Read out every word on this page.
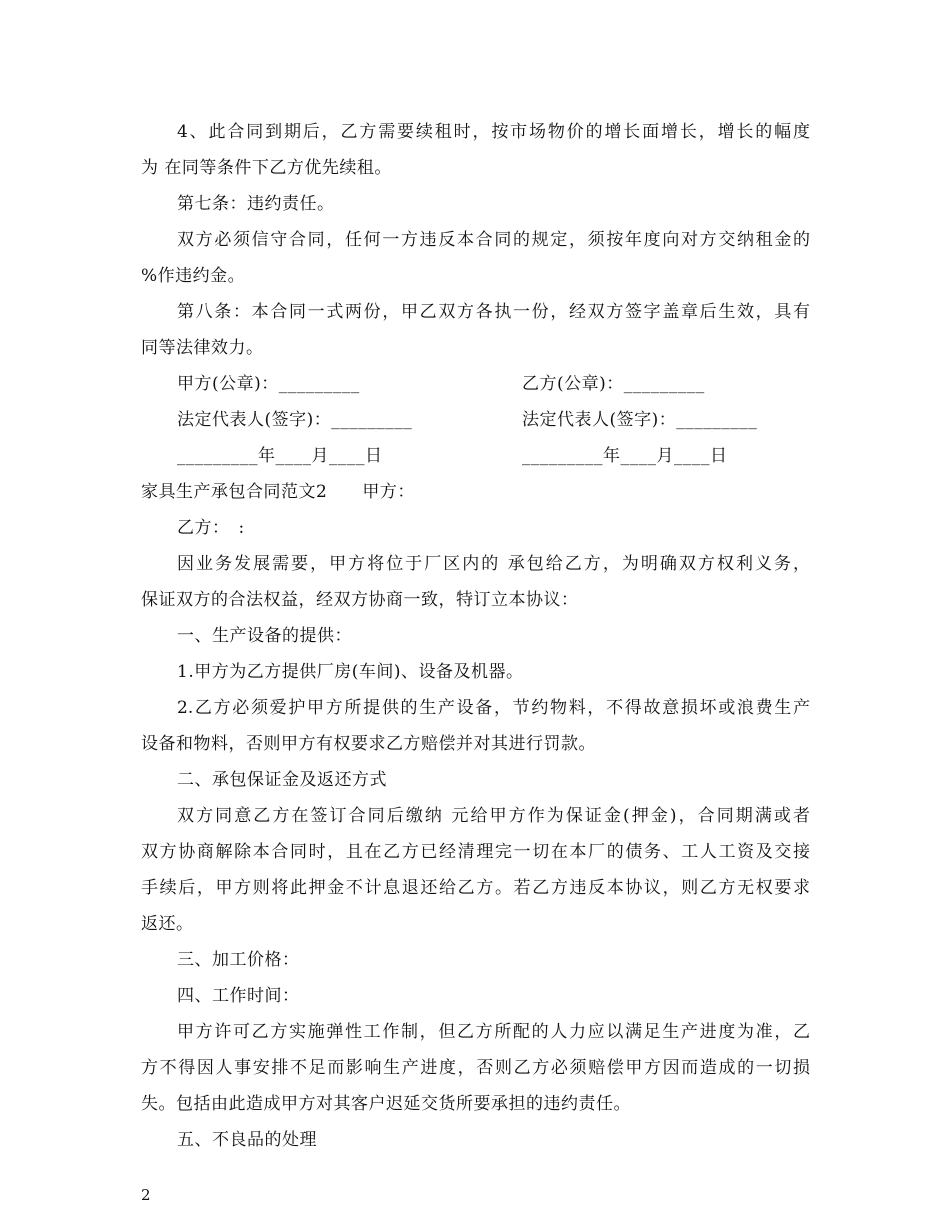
4、此合同到期后，乙方需要续租时，按市场物价的增长面增长，增长的幅度
为 在同等条件下乙方优先续租。
第七条：违约责任。
双方必须信守合同，任何一方违反本合同的规定，须按年度向对方交纳租金的
%作违约金。
第八条：本合同一式两份，甲乙双方各执一份，经双方签字盖章后生效，具有
同等法律效力。
甲方(公章)：_________	乙方(公章)：_________
法定代表人(签字)：_________	法定代表人(签字)：_________
_________年____月____日	_________年____月____日
家具生产承包合同范文2　　甲方：
乙方：　:
因业务发展需要，甲方将位于厂区内的 承包给乙方，为明确双方权利义务，
保证双方的合法权益，经双方协商一致，特订立本协议：
一、生产设备的提供：
1.甲方为乙方提供厂房(车间)、设备及机器。
2.乙方必须爱护甲方所提供的生产设备，节约物料，不得故意损坏或浪费生产
设备和物料，否则甲方有权要求乙方赔偿并对其进行罚款。
二、承包保证金及返还方式
双方同意乙方在签订合同后缴纳 元给甲方作为保证金(押金)，合同期满或者
双方协商解除本合同时，且在乙方已经清理完一切在本厂的债务、工人工资及交接
手续后，甲方则将此押金不计息退还给乙方。若乙方违反本协议，则乙方无权要求
返还。
三、加工价格：
四、工作时间：
甲方许可乙方实施弹性工作制，但乙方所配的人力应以满足生产进度为准，乙
方不得因人事安排不足而影响生产进度，否则乙方必须赔偿甲方因而造成的一切损
失。包括由此造成甲方对其客户迟延交货所要承担的违约责任。
五、不良品的处理
2
